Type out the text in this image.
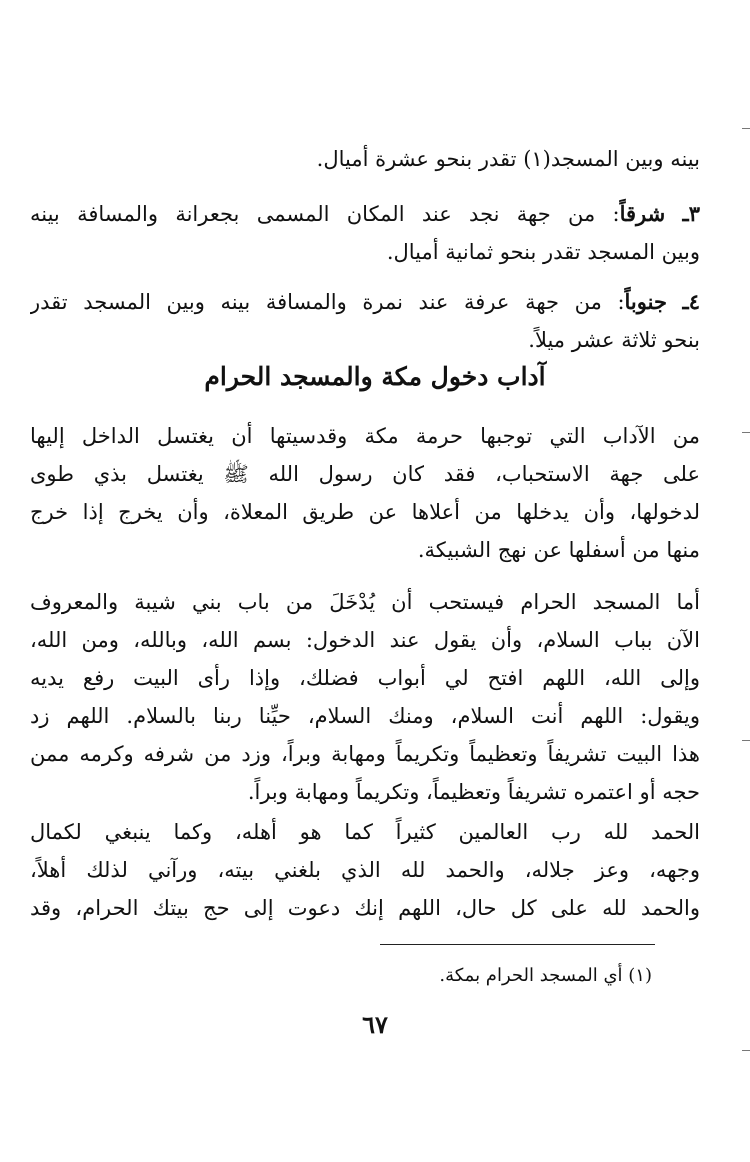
بينه وبين المسجد(١) تقدر بنحو عشرة أميال.
٣ـ شرقاً: من جهة نجد عند المكان المسمى بجعرانة والمسافة بينه
وبين المسجد تقدر بنحو ثمانية أميال.
٤ـ جنوباً: من جهة عرفة عند نمرة والمسافة بينه وبين المسجد تقدر
بنحو ثلاثة عشر ميلاً.
آداب دخول مكة والمسجد الحرام
من الآداب التي توجبها حرمة مكة وقدسيتها أن يغتسل الداخل إليها
على جهة الاستحباب، فقد كان رسول الله ﷺ يغتسل بذي طوى
لدخولها، وأن يدخلها من أعلاها عن طريق المعلاة، وأن يخرج إذا خرج
منها من أسفلها عن نهج الشبيكة.
أما المسجد الحرام فيستحب أن يُدْخَلَ من باب بني شيبة والمعروف
الآن بباب السلام، وأن يقول عند الدخول: بسم الله، وبالله، ومن الله،
وإلى الله، اللهم افتح لي أبواب فضلك، وإذا رأى البيت رفع يديه
ويقول: اللهم أنت السلام، ومنك السلام، حيِّنا ربنا بالسلام. اللهم زد
هذا البيت تشريفاً وتعظيماً وتكريماً ومهابة وبراً، وزد من شرفه وكرمه ممن
حجه أو اعتمره تشريفاً وتعظيماً، وتكريماً ومهابة وبراً.
الحمد لله رب العالمين كثيراً كما هو أهله، وكما ينبغي لكمال
وجهه، وعز جلاله، والحمد لله الذي بلغني بيته، ورآني لذلك أهلاً،
والحمد لله على كل حال، اللهم إنك دعوت إلى حج بيتك الحرام، وقد
(١) أي المسجد الحرام بمكة.
٦٧
